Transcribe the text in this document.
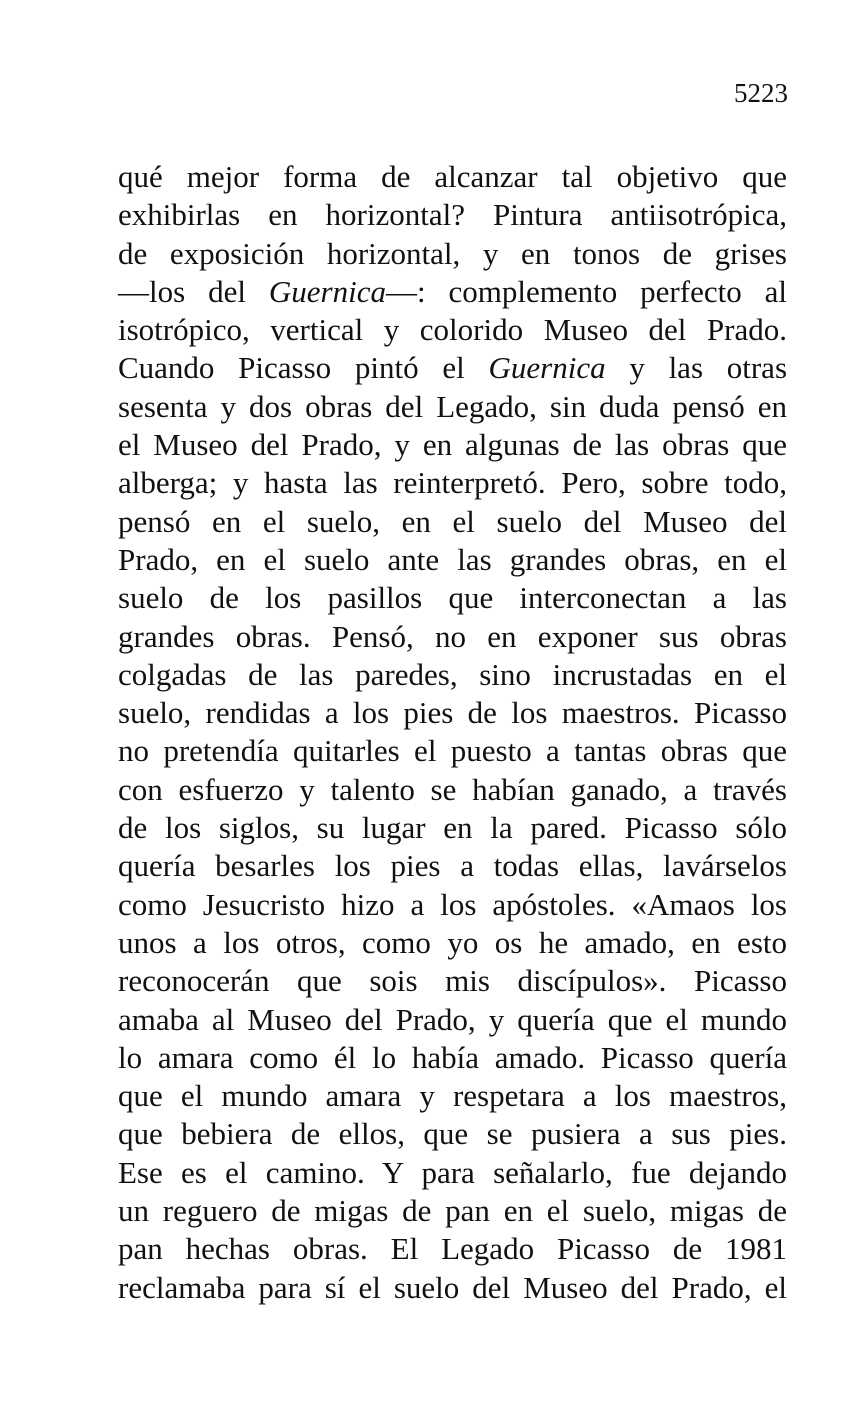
5223
qué mejor forma de alcanzar tal objetivo que
exhibirlas en horizontal? Pintura antiisotrópica,
de exposición horizontal, y en tonos de grises
—los del Guernica—: complemento perfecto al
isotrópico, vertical y colorido Museo del Prado.
Cuando Picasso pintó el Guernica y las otras
sesenta y dos obras del Legado, sin duda pensó en
el Museo del Prado, y en algunas de las obras que
alberga; y hasta las reinterpretó. Pero, sobre todo,
pensó en el suelo, en el suelo del Museo del
Prado, en el suelo ante las grandes obras, en el
suelo de los pasillos que interconectan a las
grandes obras. Pensó, no en exponer sus obras
colgadas de las paredes, sino incrustadas en el
suelo, rendidas a los pies de los maestros. Picasso
no pretendía quitarles el puesto a tantas obras que
con esfuerzo y talento se habían ganado, a través
de los siglos, su lugar en la pared. Picasso sólo
quería besarles los pies a todas ellas, lavárselos
como Jesucristo hizo a los apóstoles. «Amaos los
unos a los otros, como yo os he amado, en esto
reconocerán que sois mis discípulos». Picasso
amaba al Museo del Prado, y quería que el mundo
lo amara como él lo había amado. Picasso quería
que el mundo amara y respetara a los maestros,
que bebiera de ellos, que se pusiera a sus pies.
Ese es el camino. Y para señalarlo, fue dejando
un reguero de migas de pan en el suelo, migas de
pan hechas obras. El Legado Picasso de 1981
reclamaba para sí el suelo del Museo del Prado, el
